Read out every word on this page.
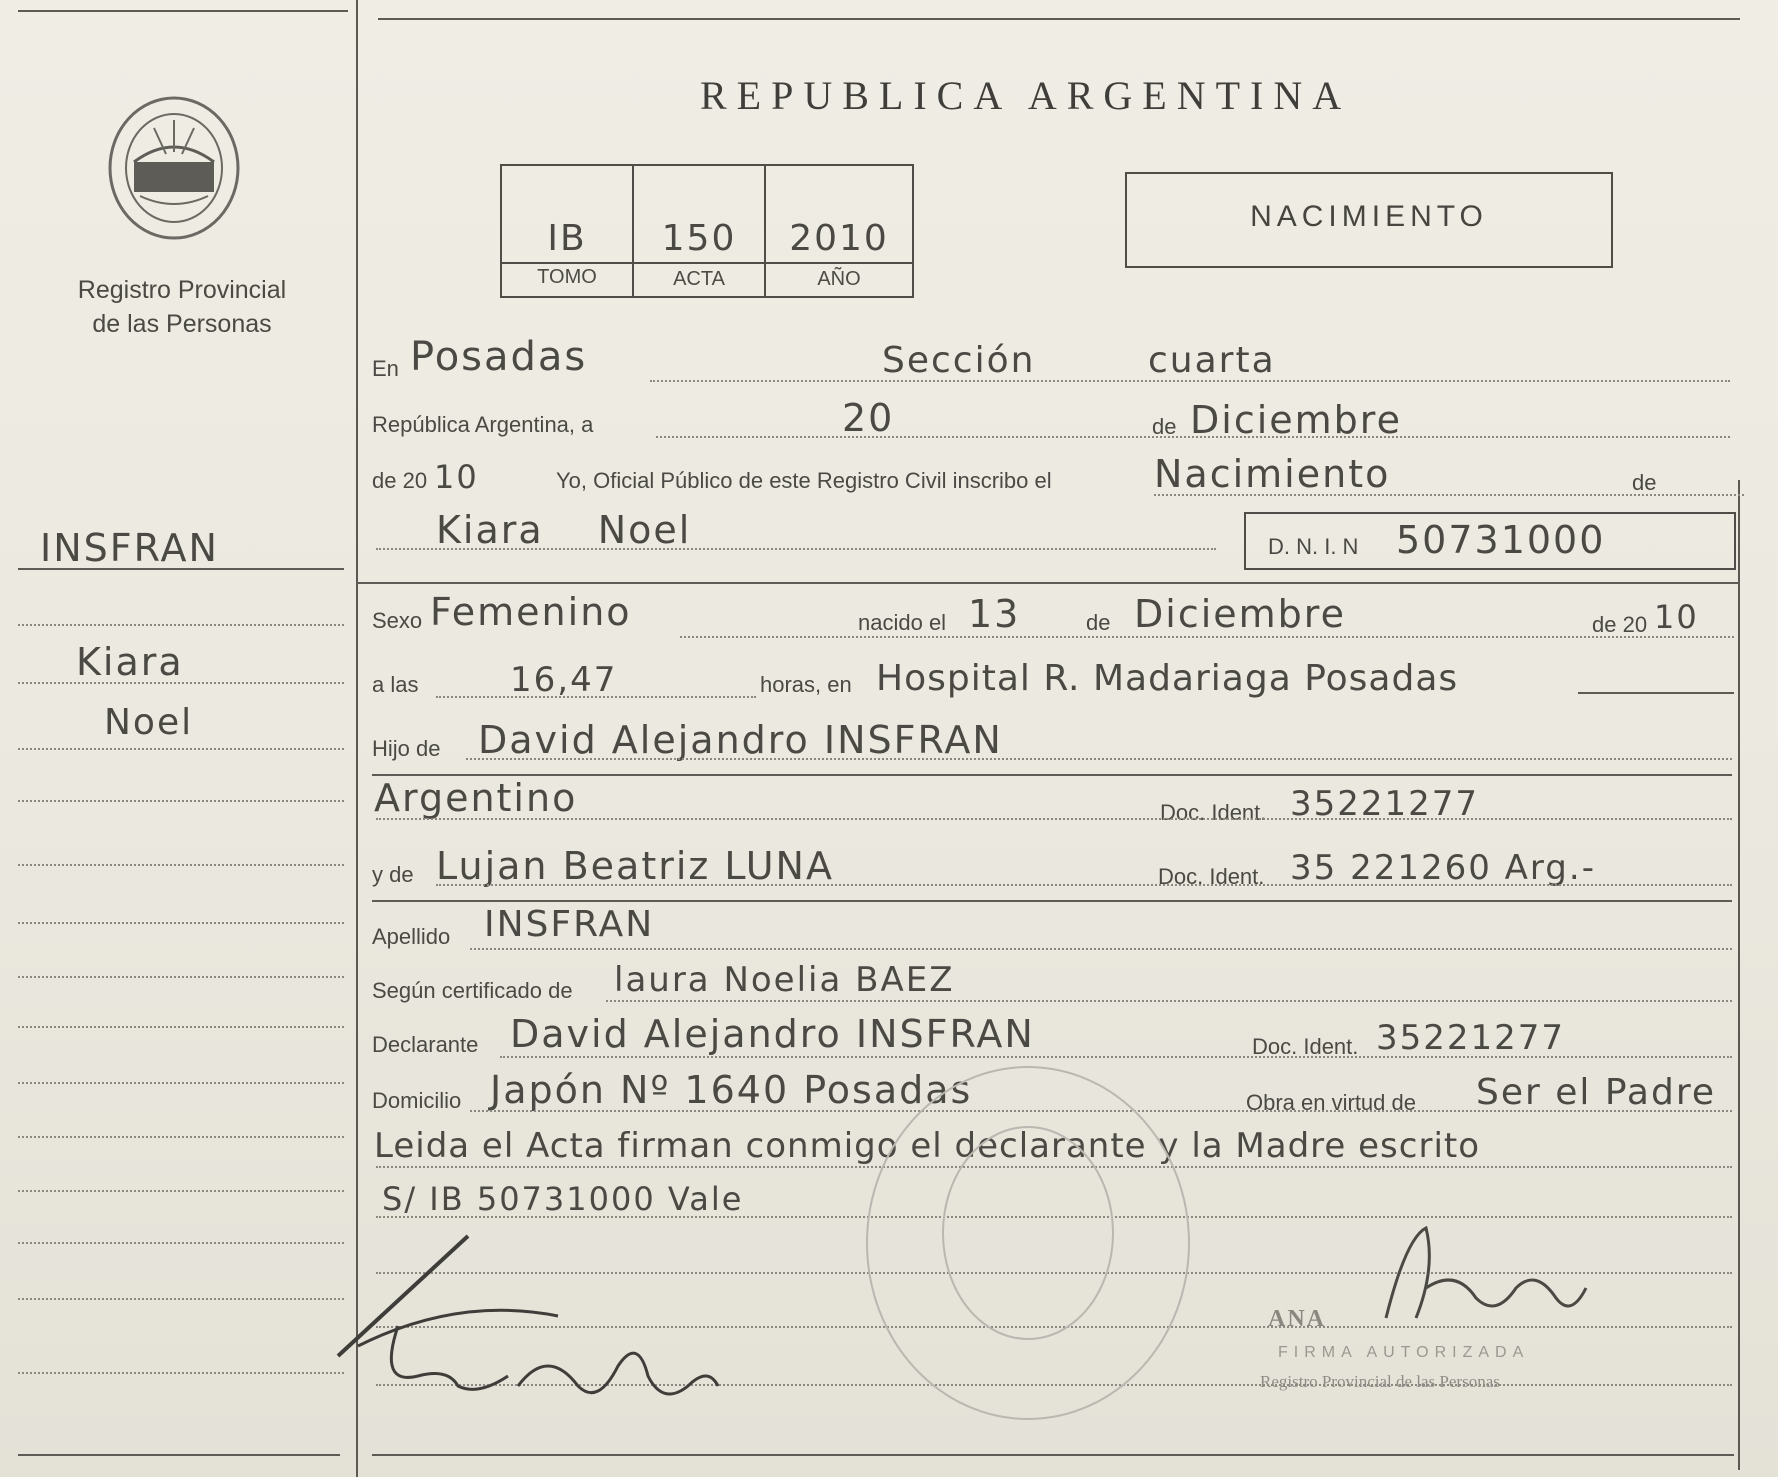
Registro Provincial
de las Personas
REPUBLICA ARGENTINA
IB	150	2010
TOMO	ACTA	AÑO
NACIMIENTO
INSFRAN
Kiara
Noel
En Posadas	Sección	cuarta
República Argentina, a	20	de Diciembre
de 20 10	Yo, Oficial Público de este Registro Civil inscribo el	Nacimiento	de
Kiara Noel	D. N. I. N 50731000
Sexo Femenino	nacido el 13	de Diciembre	de 20 10
a las	16,47	horas, en Hospital R. Madariaga Posadas
Hijo de David Alejandro INSFRAN
Argentino	Doc. Ident. 35221277
y de Lujan Beatriz LUNA	Doc. Ident. 35 221260 Arg.-
Apellido INSFRAN
Según certificado de laura Noelia BAEZ
Declarante David Alejandro INSFRAN	Doc. Ident. 35221277
Domicilio Japón Nº 1640 Posadas	Obra en virtud de Ser el Padre
Leida el Acta firman conmigo el declarante y la Madre escrito
S/ IB 50731000 Vale
ANA
FIRMA AUTORIZADA
Registro Provincial de las Personas
